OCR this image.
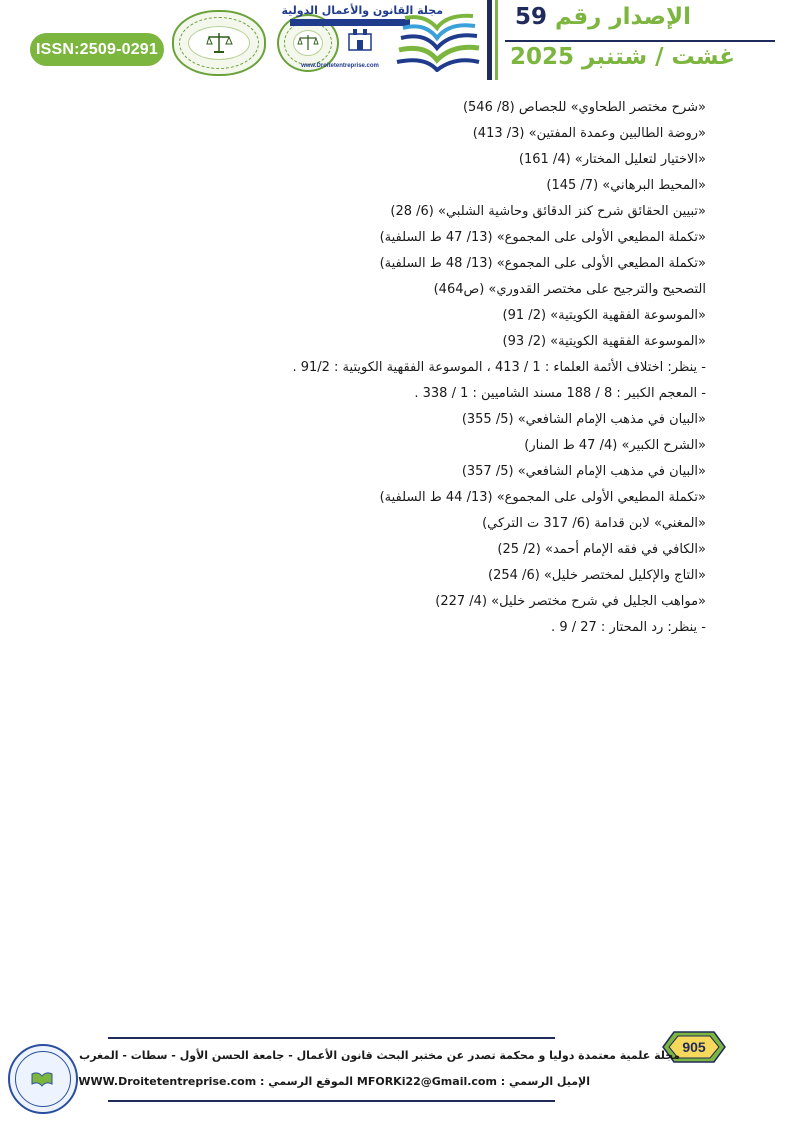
ISSN:2509-0291
مجلة القانون والأعمال الدولية
www.Droitetentreprise.com
59 الإصدار رقم
غشت / شتنبر 2025
«شرح مختصر الطحاوي» للجصاص (8/ 546)
«روضة الطالبين وعمدة المفتين» (3/ 413)
«الاختيار لتعليل المختار» (4/ 161)
«المحيط البرهاني» (7/ 145)
«تبيين الحقائق شرح كنز الدقائق وحاشية الشلبي» (6/ 28)
«تكملة المطيعي الأولى على المجموع» (13/ 47 ط السلفية)
«تكملة المطيعي الأولى على المجموع» (13/ 48 ط السلفية)
التصحيح والترجيح على مختصر القدوري» (ص464)
«الموسوعة الفقهية الكويتية» (2/ 91)
«الموسوعة الفقهية الكويتية» (2/ 93)
- ينظر: اختلاف الأئمة العلماء : 1 / 413 ، الموسوعة الفقهية الكويتية : 91/2 .
- المعجم الكبير : 8 / 188 مسند الشاميين : 1 / 338 .
«البيان في مذهب الإمام الشافعي» (5/ 355)
«الشرح الكبير» (4/ 47 ط المنار)
«البيان في مذهب الإمام الشافعي» (5/ 357)
«تكملة المطيعي الأولى على المجموع» (13/ 44 ط السلفية)
«المغني» لابن قدامة (6/ 317 ت التركي)
«الكافي في فقه الإمام أحمد» (2/ 25)
«التاج والإكليل لمختصر خليل» (6/ 254)
«مواهب الجليل في شرح مختصر خليل» (4/ 227)
- ينظر: رد المحتار : 27 / 9 .
905
مجلة علمية معتمدة دوليا و محكمة تصدر عن مختبر البحث قانون الأعمال - جامعة الحسن الأول - سطات - المغرب
الإميل الرسمي : MFORKi22@Gmail.com الموقع الرسمي : WWW.Droitetentreprise.com
